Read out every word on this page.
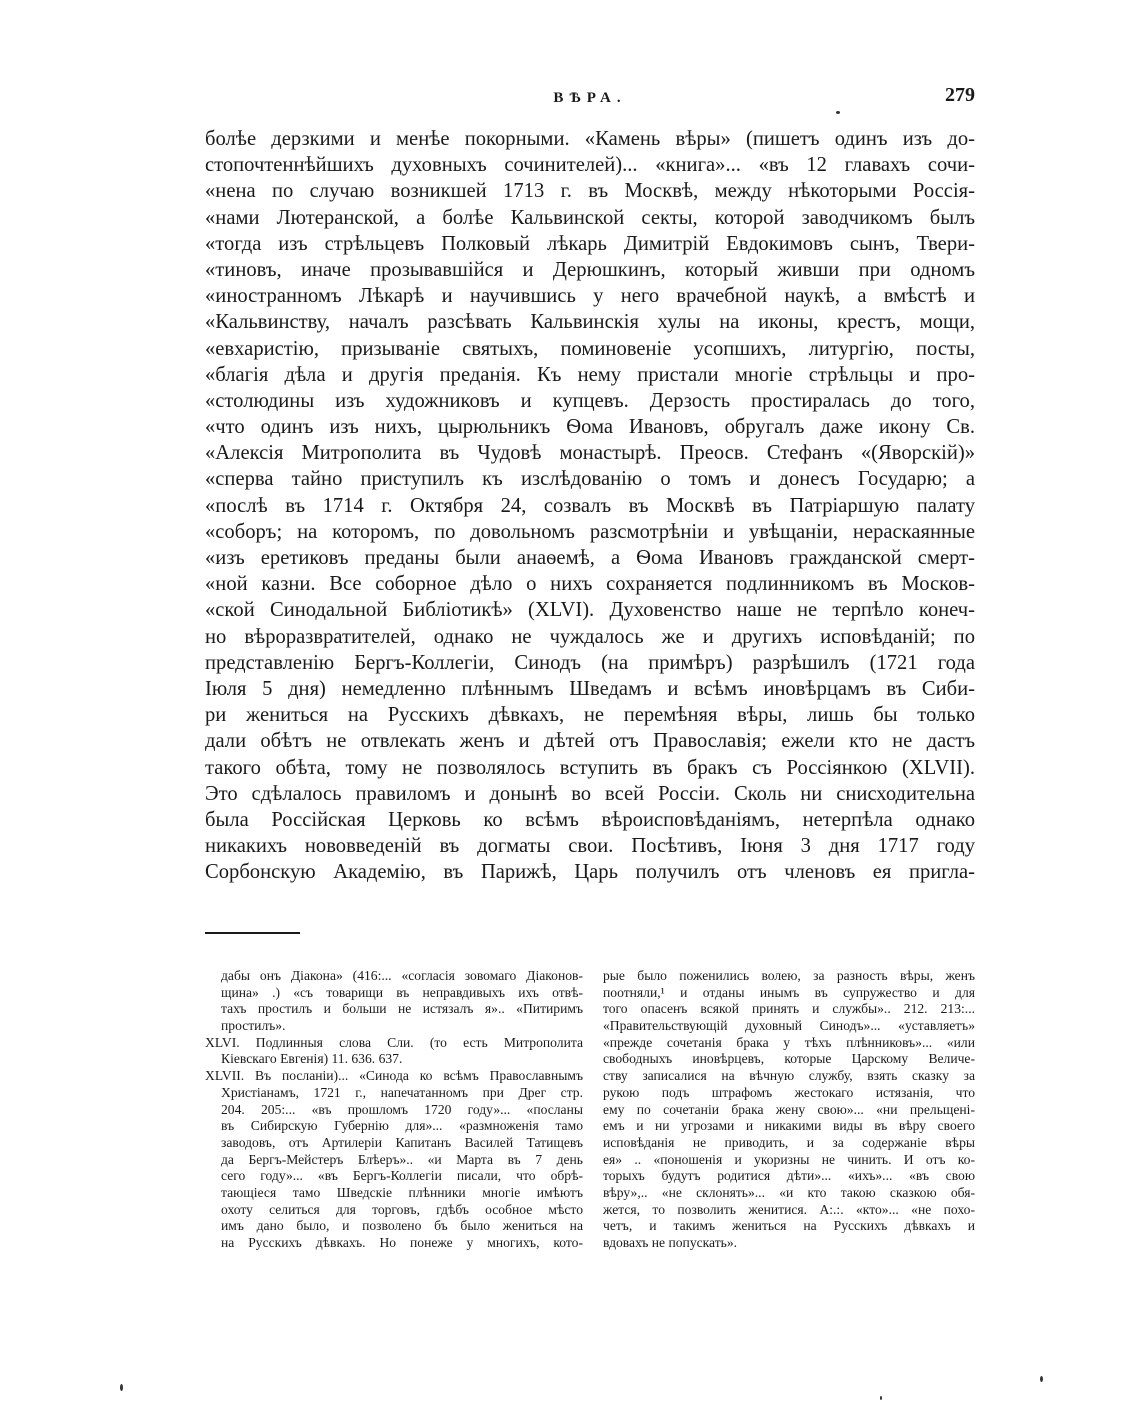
ВѢРА.	279
болѣе дерзкими и менѣе покорными. «Камень вѣры» (пишетъ одинъ изъ до-
стопочтеннѣйшихъ духовныхъ сочинителей)... «книга»... «въ 12 главахъ сочи-
«нена по случаю возникшей 1713 г. въ Москвѣ, между нѣкоторыми Россія-
«нами Лютеранской, а болѣе Кальвинской секты, которой заводчикомъ былъ
«тогда изъ стрѣльцевъ Полковый лѣкарь Димитрій Евдокимовъ сынъ, Твери-
«тиновъ, иначе прозывавшійся и Дерюшкинъ, который живши при одномъ
«иностранномъ Лѣкарѣ и научившись у него врачебной наукѣ, а вмѣстѣ и
«Кальвинству, началъ разсѣвать Кальвинскія хулы на иконы, крестъ, мощи,
«евхаристію, призываніе святыхъ, поминовеніе усопшихъ, литургію, посты,
«благія дѣла и другія преданія. Къ нему пристали многіе стрѣльцы и про-
«столюдины изъ художниковъ и купцевъ. Дерзость простиралась до того,
«что одинъ изъ нихъ, цырюльникъ Ѳома Ивановъ, обругалъ даже икону Св.
«Алексія Митрополита въ Чудовѣ монастырѣ. Преосв. Стефанъ «(Яворскій)»
«сперва тайно приступилъ къ изслѣдованію о томъ и донесъ Государю; а
«послѣ въ 1714 г. Октября 24, созвалъ въ Москвѣ въ Патріаршую палату
«соборъ; на которомъ, по довольномъ разсмотрѣніи и увѣщаніи, нераскаянные
«изъ еретиковъ преданы были анаѳемѣ, а Ѳома Ивановъ гражданской смерт-
«ной казни. Все соборное дѣло о нихъ сохраняется подлинникомъ въ Москов-
«ской Синодальной Библіотикѣ» (XLVI). Духовенство наше не терпѣло конеч-
но вѣроразвратителей, однако не чуждалось же и другихъ исповѣданій; по
представленію Бергъ-Коллегіи, Синодъ (на примѣръ) разрѣшилъ (1721 года
Іюля 5 дня) немедленно плѣннымъ Шведамъ и всѣмъ иновѣрцамъ въ Сиби-
ри жениться на Русскихъ дѣвкахъ, не перемѣняя вѣры, лишь бы только
дали обѣтъ не отвлекать женъ и дѣтей отъ Православія; ежели кто не дастъ
такого обѣта, тому не позволялось вступить въ бракъ съ Россіянкою (XLVII).
Это сдѣлалось правиломъ и донынѣ во всей Россіи. Сколь ни снисходительна
была Россійская Церковь ко всѣмъ вѣроисповѣданіямъ, нетерпѣла однако
никакихъ нововведеній въ догматы свои. Посѣтивъ, Іюня 3 дня 1717 году
Сорбонскую Академію, въ Парижѣ, Царь получилъ отъ членовъ ея пригла-
дабы онъ Діакона» (416:... «согласія зовомаго Діаконов-
щина» .) «съ товарищи въ неправдивыхъ ихъ отвѣ-
тахъ простилъ и больши не истязалъ я».. «Питиримъ
простилъ».
XLVI. Подлинныя слова Сли. (то есть Митрополита
Кіевскаго Евгенія) 11. 636. 637.
XLVII. Въ посланіи)... «Синода ко всѣмъ Православнымъ
Христіанамъ, 1721 г., напечатанномъ при Дрег стр.
204. 205:... «въ прошломъ 1720 году»... «посланы
въ Сибирскую Губернію для»... «размноженія тамо
заводовъ, отъ Артилеріи Капитанъ Василей Татищевъ
да Бергъ-Мейстеръ Блѣеръ».. «и Марта въ 7 день
сего году»... «въ Бергъ-Коллегіи писали, что обрѣ-
тающіеся тамо Шведскіе плѣнники многіе имѣютъ
охоту селиться для торговъ, гдѣбъ особное мѣсто
имъ дано было, и позволено бъ было жениться на
на Русскихъ дѣвкахъ. Но понеже у многихъ, кото-
рые было поженились волею, за разность вѣры, женъ
поотняли,¹ и отданы инымъ въ супружество и для
того опасенъ всякой принять и службы».. 212. 213:...
«Правительствующій духовный Синодъ»... «уставляетъ»
«прежде сочетанія брака у тѣхъ плѣнниковъ»... «или
свободныхъ иновѣрцевъ, которые Царскому Величе-
ству записалися на вѣчную службу, взять сказку за
рукою подъ штрафомъ жестокаго истязанія, что
ему по сочетаніи брака жену свою»... «ни прельщені-
емъ и ни угрозами и никакими виды въ вѣру своего
исповѣданія не приводить, и за содержаніе вѣры
ея» .. «поношенія и укоризны не чинить. И отъ ко-
торыхъ будутъ родитися дѣти»... «ихъ»... «въ свою
вѣру»,.. «не склонять»... «и кто такою сказкою обя-
жется, то позволить женитися. А:.:. «кто»... «не похо-
четъ, и такимъ жениться на Русскихъ дѣвкахъ и
вдовахъ не попускать».
